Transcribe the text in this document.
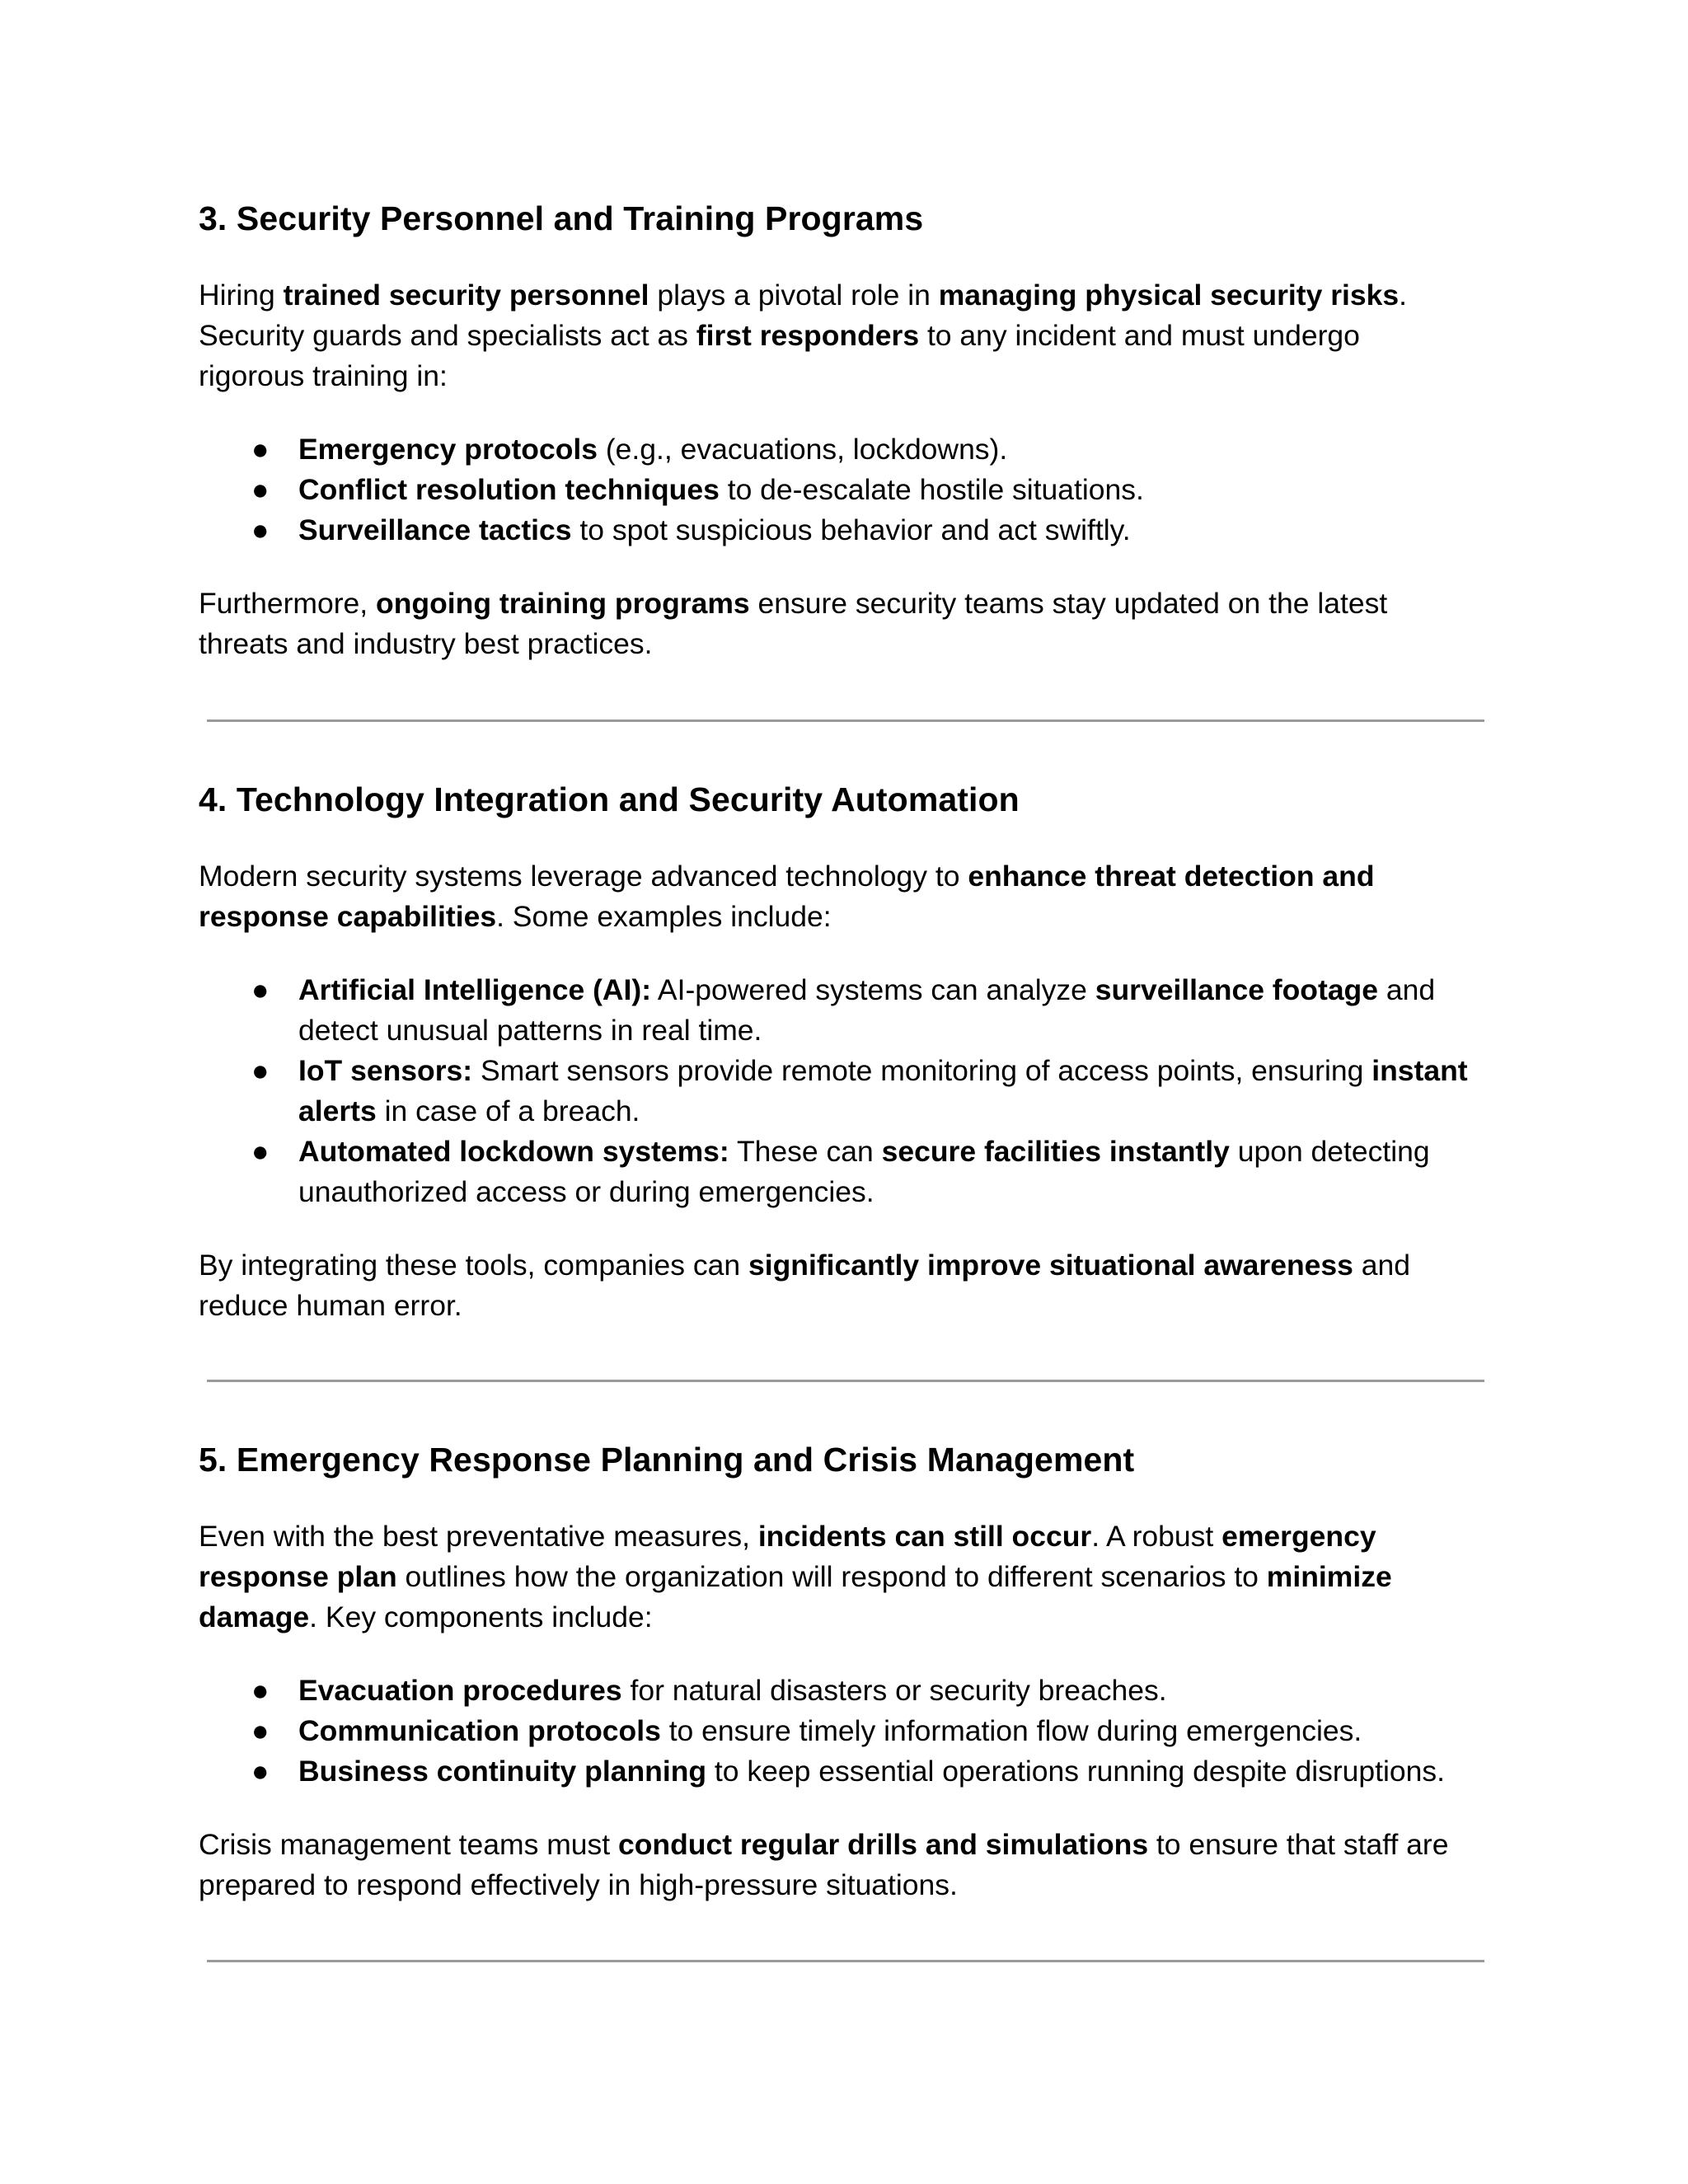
3. Security Personnel and Training Programs

Hiring trained security personnel plays a pivotal role in managing physical security risks. Security guards and specialists act as first responders to any incident and must undergo rigorous training in:

● Emergency protocols (e.g., evacuations, lockdowns).
● Conflict resolution techniques to de-escalate hostile situations.
● Surveillance tactics to spot suspicious behavior and act swiftly.

Furthermore, ongoing training programs ensure security teams stay updated on the latest threats and industry best practices.

4. Technology Integration and Security Automation

Modern security systems leverage advanced technology to enhance threat detection and response capabilities. Some examples include:

● Artificial Intelligence (AI): AI-powered systems can analyze surveillance footage and detect unusual patterns in real time.
● IoT sensors: Smart sensors provide remote monitoring of access points, ensuring instant alerts in case of a breach.
● Automated lockdown systems: These can secure facilities instantly upon detecting unauthorized access or during emergencies.

By integrating these tools, companies can significantly improve situational awareness and reduce human error.

5. Emergency Response Planning and Crisis Management

Even with the best preventative measures, incidents can still occur. A robust emergency response plan outlines how the organization will respond to different scenarios to minimize damage. Key components include:

● Evacuation procedures for natural disasters or security breaches.
● Communication protocols to ensure timely information flow during emergencies.
● Business continuity planning to keep essential operations running despite disruptions.

Crisis management teams must conduct regular drills and simulations to ensure that staff are prepared to respond effectively in high-pressure situations.
